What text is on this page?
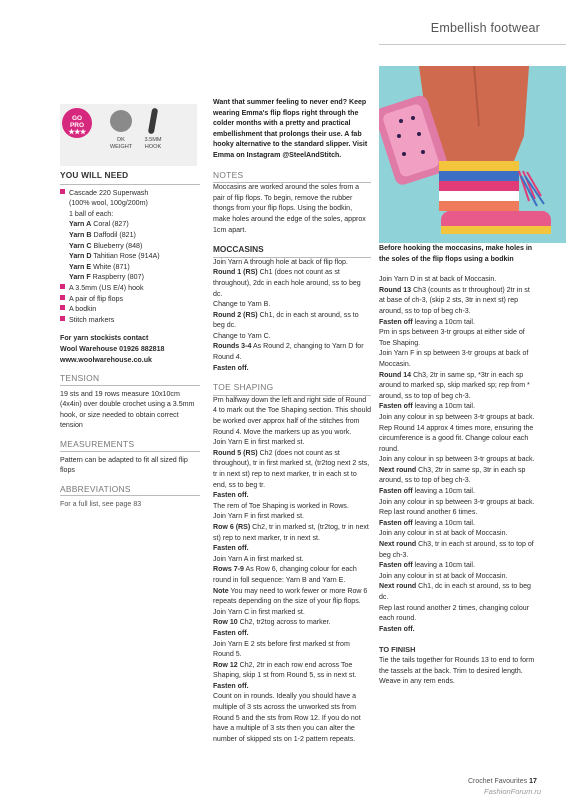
Embellish footwear
GO
PRO
★★★
DK
WEIGHT
3.5MM
HOOK
YOU WILL NEED
Cascade 220 Superwash
(100% wool, 100g/200m)
1 ball of each:
Yarn A Coral (827)
Yarn B Daffodil (821)
Yarn C Blueberry (848)
Yarn D Tahitian Rose (914A)
Yarn E White (871)
Yarn F Raspberry (807)
A 3.5mm (US E/4) hook
A pair of flip flops
A bodkin
Stitch markers
For yarn stockists contact
Wool Warehouse 01926 882818
www.woolwarehouse.co.uk
TENSION
19 sts and 19 rows measure 10x10cm (4x4in) over double crochet using a 3.5mm hook, or size needed to obtain correct tension
MEASUREMENTS
Pattern can be adapted to fit all sized flip flops
ABBREVIATIONS
For a full list, see page 83

Want that summer feeling to never end? Keep wearing Emma's flip flops right through the colder months with a pretty and practical embellishment that prolongs their use. A fab hooky alternative to the standard slipper. Visit Emma on Instagram @SteelAndStitch.

NOTES

Moccasins are worked around the soles from a pair of flip flops. To begin, remove the rubber thongs from your flip flops. Using the bodkin, make holes around the edge of the soles, approx 1cm apart.

MOCCASINS

Join Yarn A through hole at back of flip flop.

Round 1 (RS) Ch1 (does not count as st throughout), 2dc in each hole around, ss to beg dc.

Change to Yarn B.

Round 2 (RS) Ch1, dc in each st around, ss to beg dc.

Change to Yarn C.

Rounds 3-4 As Round 2, changing to Yarn D for Round 4.

Fasten off.

TOE SHAPING

Pm halfway down the left and right side of Round 4 to mark out the Toe Shaping section. This should be worked over approx half of the stitches from Round 4. Move the markers up as you work.

Join Yarn E in first marked st.

Round 5 (RS) Ch2 (does not count as st throughout), tr in first marked st, (tr2tog next 2 sts, tr in next st) rep to next marker, tr in each st to end, ss to beg tr.

Fasten off.

The rem of Toe Shaping is worked in Rows.

Join Yarn F in first marked st.

Row 6 (RS) Ch2, tr in marked st, (tr2tog, tr in next st) rep to next marker, tr in next st.

Fasten off.

Join Yarn A in first marked st.

Rows 7-9 As Row 6, changing colour for each round in foll sequence: Yarn B and Yarn E.

Note You may need to work fewer or more Row 6 repeats depending on the size of your flip flops.

Join Yarn C in first marked st.

Row 10 Ch2, tr2tog across to marker.

Fasten off.

Join Yarn E 2 sts before first marked st from Round 5.

Row 12 Ch2, 2tr in each row end across Toe Shaping, skip 1 st from Round 5, ss in next st.

Fasten off.

Count on in rounds. Ideally you should have a multiple of 3 sts across the unworked sts from Round 5 and the sts from Row 12. If you do not have a multiple of 3 sts then you can alter the number of skipped sts on 1-2 pattern repeats.

Before hooking the moccasins, make holes in the soles of the flip flops using a bodkin

Join Yarn D in st at back of Moccasin.

Round 13 Ch3 (counts as tr throughout) 2tr in st at base of ch-3, (skip 2 sts, 3tr in next st) rep around, ss to top of beg ch-3.

Fasten off leaving a 10cm tail.

Pm in sps between 3-tr groups at either side of Toe Shaping.

Join Yarn F in sp between 3-tr groups at back of Moccasin.

Round 14 Ch3, 2tr in same sp, *3tr in each sp around to marked sp, skip marked sp; rep from * around, ss to top of beg ch-3.

Fasten off leaving a 10cm tail.

Join any colour in sp between 3-tr groups at back.

Rep Round 14 approx 4 times more, ensuring the circumference is a good fit. Change colour each round.

Join any colour in sp between 3-tr groups at back.

Next round Ch3, 2tr in same sp, 3tr in each sp around, ss to top of beg ch-3.

Fasten off leaving a 10cm tail.

Join any colour in sp between 3-tr groups at back.

Rep last round another 6 times.

Fasten off leaving a 10cm tail.

Join any colour in st at back of Moccasin.

Next round Ch3, tr in each st around, ss to top of beg ch-3.

Fasten off leaving a 10cm tail.

Join any colour in st at back of Moccasin.

Next round Ch1, dc in each st around, ss to beg dc.

Rep last round another 2 times, changing colour each round.

Fasten off.

TO FINISH

Tie the tails together for Rounds 13 to end to form the tassels at the back. Trim to desired length.

Weave in any rem ends.

Crochet Favourites 17
FashionForum.ru
